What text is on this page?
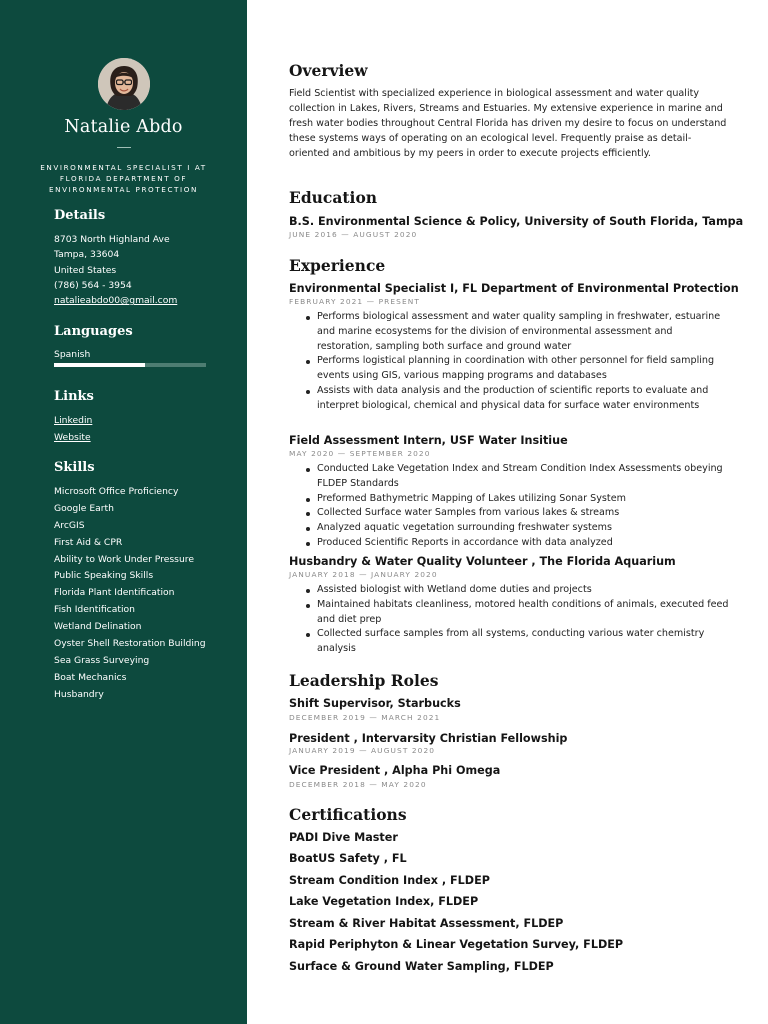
Natalie Abdo
ENVIRONMENTAL SPECIALIST I AT FLORIDA DEPARTMENT OF ENVIRONMENTAL PROTECTION
Details
8703 North Highland Ave
Tampa, 33604
United States
(786) 564 - 3954
natalieabdo00@gmail.com
Languages
Spanish
Links
Linkedin
Website
Skills
Microsoft Office Proficiency
Google Earth
ArcGIS
First Aid & CPR
Ability to Work Under Pressure
Public Speaking Skills
Florida Plant Identification
Fish Identification
Wetland Delination
Oyster Shell Restoration Building
Sea Grass Surveying
Boat Mechanics
Husbandry
Overview
Field Scientist with specialized experience in biological assessment and water quality collection in Lakes, Rivers, Streams and Estuaries. My extensive experience in marine and fresh water bodies throughout Central Florida has driven my desire to focus on understand these systems ways of operating on an ecological level. Frequently praise as detail-oriented and ambitious by my peers in order to execute projects efficiently.
Education
B.S. Environmental Science & Policy, University of South Florida, Tampa
JUNE 2016 — AUGUST 2020
Experience
Environmental Specialist I, FL Department of Environmental Protection
FEBRUARY 2021 — PRESENT
Performs biological assessment and water quality sampling in freshwater, estuarine and marine ecosystems for the division of environmental assessment and restoration, sampling both surface and ground water
Performs logistical planning in coordination with other personnel for field sampling events using GIS, various mapping programs and databases
Assists with data analysis and the production of scientific reports to evaluate and interpret biological, chemical and physical data for surface water environments
Field Assessment Intern, USF Water Insitiue
MAY 2020 — SEPTEMBER 2020
Conducted Lake Vegetation Index and Stream Condition Index Assessments obeying FLDEP Standards
Preformed Bathymetric Mapping of Lakes utilizing Sonar System
Collected Surface water Samples from various lakes & streams
Analyzed aquatic vegetation surrounding freshwater systems
Produced Scientific Reports in accordance with data analyzed
Husbandry & Water Quality Volunteer , The Florida Aquarium
JANUARY 2018 — JANUARY 2020
Assisted biologist with Wetland dome duties and projects
Maintained habitats cleanliness, motored health conditions of animals, executed feed and diet prep
Collected surface samples from all systems, conducting various water chemistry analysis
Leadership Roles
Shift Supervisor, Starbucks
DECEMBER 2019 — MARCH 2021
President , Intervarsity Christian Fellowship
JANUARY 2019 — AUGUST 2020
Vice President , Alpha Phi Omega
DECEMBER 2018 — MAY 2020
Certifications
PADI Dive Master
BoatUS Safety , FL
Stream Condition Index , FLDEP
Lake Vegetation Index, FLDEP
Stream & River Habitat Assessment, FLDEP
Rapid Periphyton & Linear Vegetation Survey, FLDEP
Surface & Ground Water Sampling, FLDEP
